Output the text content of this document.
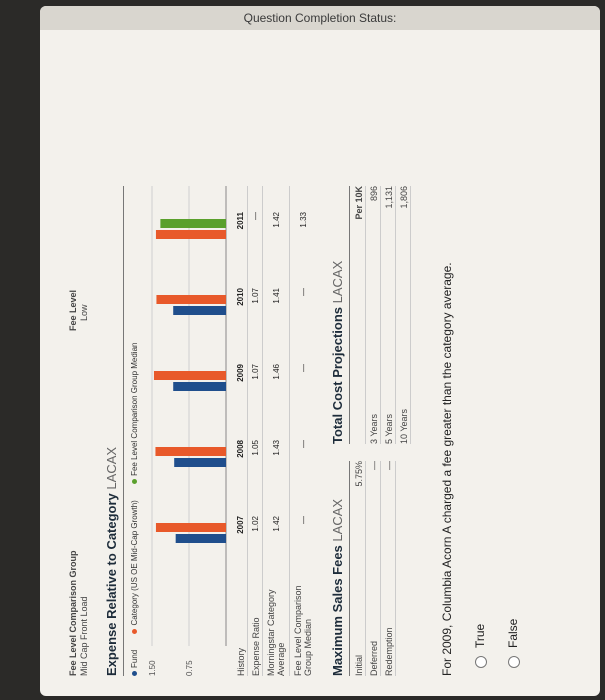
Question Completion Status:
Fee Level Comparison Group Mid Cap Front Load
Fee Level Low
Expense Relative to Category LACAX
Fund Category (US OE Mid-Cap Growth) Fee Level Comparison Group Median
1.50	0.75	History
2007
2008
2009
2010
2011
Expense Ratio
1.02
1.05
1.07
1.07
—
Morningstar Category Average
1.42
1.43
1.46
1.41
1.42
Fee Level Comparison Group Median
—
—
—
—
1.33
Maximum Sales Fees LACAX
Initial
5.75%
Deferred
—
Redemption
—
Total Cost Projections LACAX
Per 10K
3 Years
896
5 Years
1,131
10 Years
1,806
For 2009, Columbia Acorn A charged a fee greater than the category average. True False
